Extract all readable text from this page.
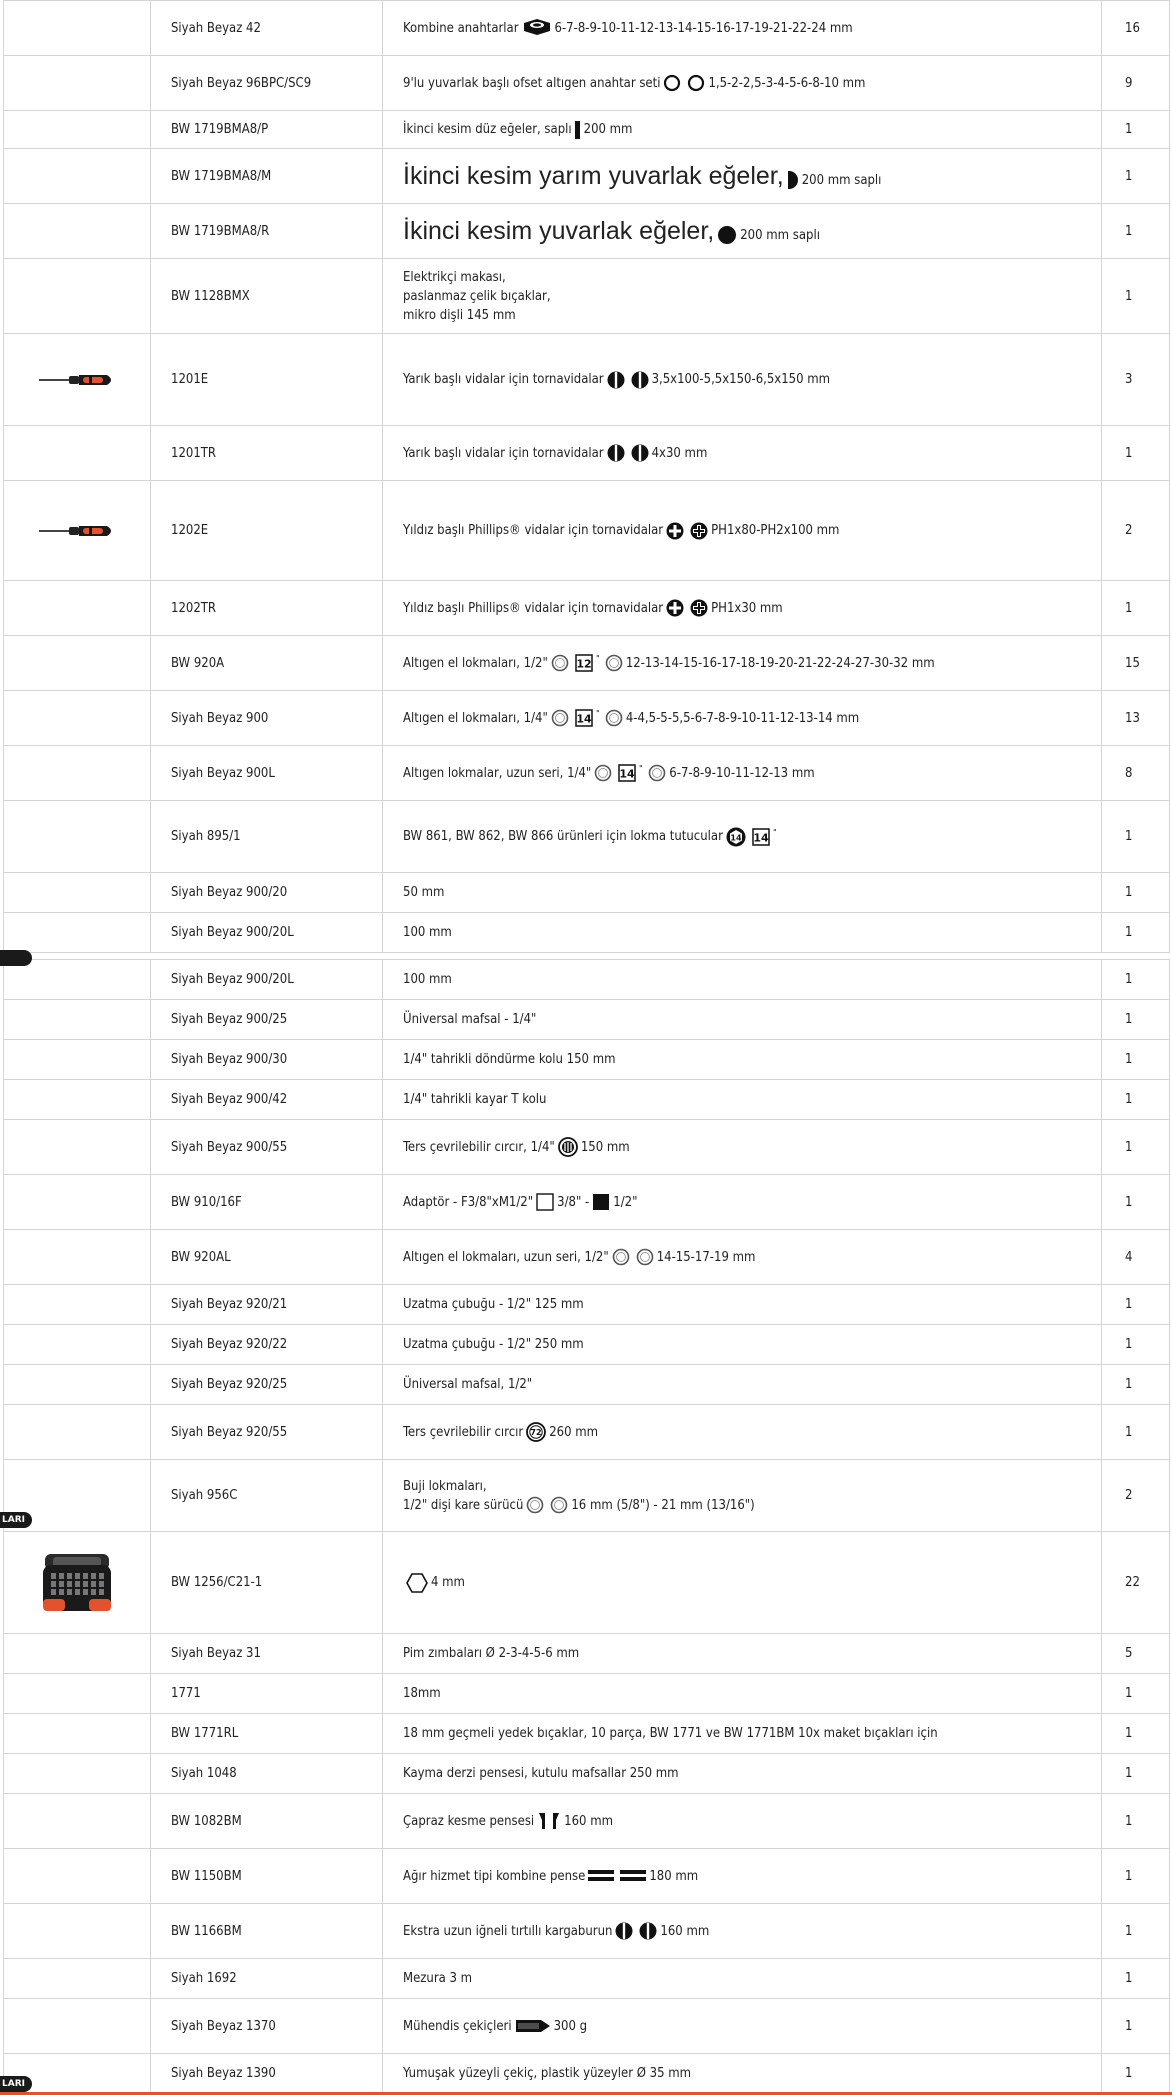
	Siyah Beyaz 42	Kombine anahtarlar 6-7-8-9-10-11-12-13-14-15-16-17-19-21-22-24 mm	16
	Siyah Beyaz 96BPC/SC9	9'lu yuvarlak başlı ofset altıgen anahtar seti 1,5-2-2,5-3-4-5-6-8-10 mm	9
	BW 1719BMA8/P	İkinci kesim düz eğeler, saplı 200 mm	1
	BW 1719BMA8/M	İkinci kesim yarım yuvarlak eğeler, 200 mm saplı	1
	BW 1719BMA8/R	İkinci kesim yuvarlak eğeler, 200 mm saplı	1
	BW 1128BMX	Elektrikçi makası,
paslanmaz çelik bıçaklar,
mikro dişli 145 mm	1

	1201E	Yarık başlı vidalar için tornavidalar 3,5x100-5,5x150-6,5x150 mm	3
	1201TR	Yarık başlı vidalar için tornavidalar 4x30 mm	1

	1202E	Yıldız başlı Phillips® vidalar için tornavidalar PH1x80-PH2x100 mm	2
	1202TR	Yıldız başlı Phillips® vidalar için tornavidalar PH1x30 mm	1
	BW 920A	Altıgen el lokmaları, 1/2" 12 " 12-13-14-15-16-17-18-19-20-21-22-24-27-30-32 mm	15
	Siyah Beyaz 900	Altıgen el lokmaları, 1/4" 14 " 4-4,5-5-5,5-6-7-8-9-10-11-12-13-14 mm	13
	Siyah Beyaz 900L	Altıgen lokmalar, uzun seri, 1/4" 14 " 6-7-8-9-10-11-12-13 mm	8
	Siyah 895/1	BW 861, BW 862, BW 866 ürünleri için lokma tutucular 14 14 "	1
	Siyah Beyaz 900/20	50 mm	1
	Siyah Beyaz 900/20L	100 mm	1

	Siyah Beyaz 900/20L	100 mm	1
	Siyah Beyaz 900/25	Üniversal mafsal - 1/4"	1
	Siyah Beyaz 900/30	1/4" tahrikli döndürme kolu 150 mm	1
	Siyah Beyaz 900/42	1/4" tahrikli kayar T kolu	1
	Siyah Beyaz 900/55	Ters çevrilebilir cırcır, 1/4" 150 mm	1
	BW 910/16F	Adaptör - F3/8"xM1/2" 3/8" - 1/2"	1
	BW 920AL	Altıgen el lokmaları, uzun seri, 1/2" 14-15-17-19 mm	4
	Siyah Beyaz 920/21	Uzatma çubuğu - 1/2" 125 mm	1
	Siyah Beyaz 920/22	Uzatma çubuğu - 1/2" 250 mm	1
	Siyah Beyaz 920/25	Üniversal mafsal, 1/2"	1
	Siyah Beyaz 920/55	Ters çevrilebilir cırcır 72 260 mm	1
	Siyah 956C	Buji lokmaları,
1/2" dişi kare sürücü 16 mm (5/8") - 21 mm (13/16")	2

	BW 1256/C21-1	4 mm	22
	Siyah Beyaz 31	Pim zımbaları Ø 2-3-4-5-6 mm	5
	1771	18mm	1
	BW 1771RL	18 mm geçmeli yedek bıçaklar, 10 parça, BW 1771 ve BW 1771BM 10x maket bıçakları için	1
	Siyah 1048	Kayma derzi pensesi, kutulu mafsallar 250 mm	1
	BW 1082BM	Çapraz kesme pensesi 160 mm	1
	BW 1150BM	Ağır hizmet tipi kombine pense 180 mm	1
	BW 1166BM	Ekstra uzun iğneli tırtıllı kargaburun 160 mm	1
	Siyah 1692	Mezura 3 m	1
	Siyah Beyaz 1370	Mühendis çekiçleri 300 g	1
	Siyah Beyaz 1390	Yumuşak yüzeyli çekiç, plastik yüzeyler Ø 35 mm	1
LARI
LARI
